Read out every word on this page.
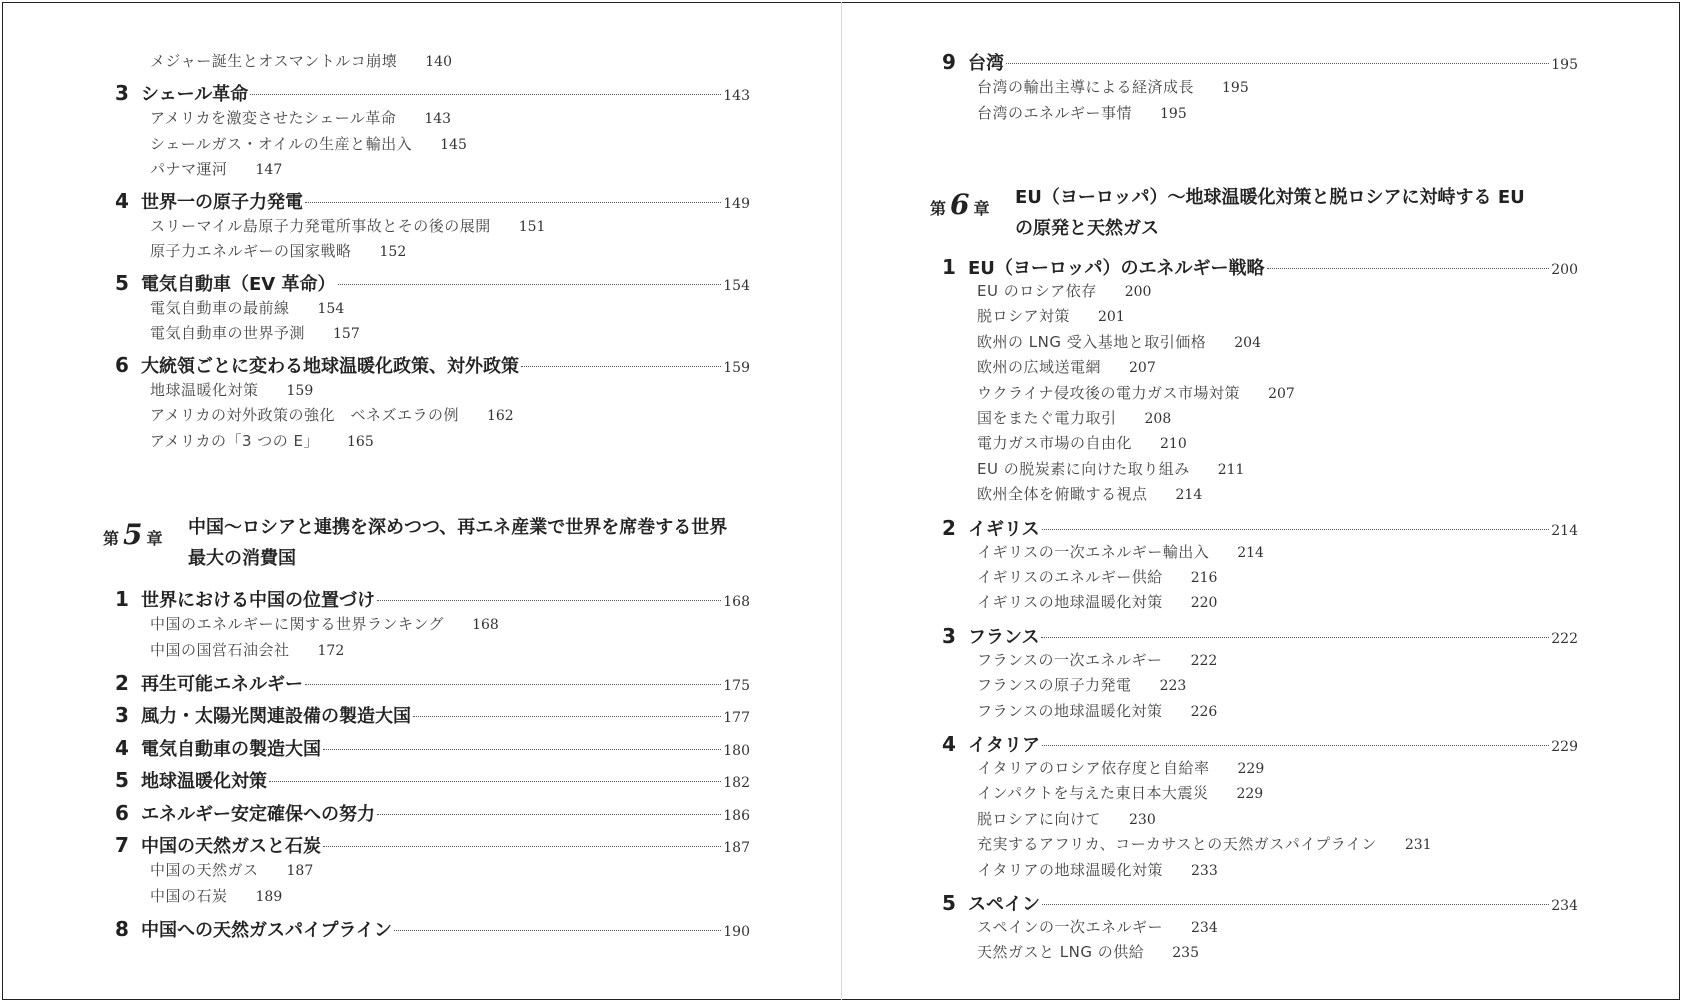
メジャー誕生とオスマントルコ崩壊 140
3 シェール革命	143
アメリカを激変させたシェール革命 143
シェールガス・オイルの生産と輸出入 145
パナマ運河 147
4 世界一の原子力発電	149
スリーマイル島原子力発電所事故とその後の展開 151
原子力エネルギーの国家戦略 152
5 電気自動車（EV 革命）	154
電気自動車の最前線 154
電気自動車の世界予測 157
6 大統領ごとに変わる地球温暖化政策、対外政策	159
地球温暖化対策 159
アメリカの対外政策の強化　ベネズエラの例 162
アメリカの「3 つの E」 165
第 5 章
中国～ロシアと連携を深めつつ、再エネ産業で世界を席巻する世界
最大の消費国
1 世界における中国の位置づけ	168
中国のエネルギーに関する世界ランキング 168
中国の国営石油会社 172
2 再生可能エネルギー	175
3 風力・太陽光関連設備の製造大国	177
4 電気自動車の製造大国	180
5 地球温暖化対策	182
6 エネルギー安定確保への努力	186
7 中国の天然ガスと石炭	187
中国の天然ガス 187
中国の石炭 189
8 中国への天然ガスパイプライン	190
9 台湾	195
台湾の輸出主導による経済成長 195
台湾のエネルギー事情 195
第 6 章
EU（ヨーロッパ）～地球温暖化対策と脱ロシアに対峙する EU
の原発と天然ガス
1 EU（ヨーロッパ）のエネルギー戦略	200
EU のロシア依存 200
脱ロシア対策 201
欧州の LNG 受入基地と取引価格 204
欧州の広域送電網 207
ウクライナ侵攻後の電力ガス市場対策 207
国をまたぐ電力取引 208
電力ガス市場の自由化 210
EU の脱炭素に向けた取り組み 211
欧州全体を俯瞰する視点 214
2 イギリス	214
イギリスの一次エネルギー輸出入 214
イギリスのエネルギー供給 216
イギリスの地球温暖化対策 220
3 フランス	222
フランスの一次エネルギー 222
フランスの原子力発電 223
フランスの地球温暖化対策 226
4 イタリア	229
イタリアのロシア依存度と自給率 229
インパクトを与えた東日本大震災 229
脱ロシアに向けて 230
充実するアフリカ、コーカサスとの天然ガスパイプライン 231
イタリアの地球温暖化対策 233
5 スペイン	234
スペインの一次エネルギー 234
天然ガスと LNG の供給 235
